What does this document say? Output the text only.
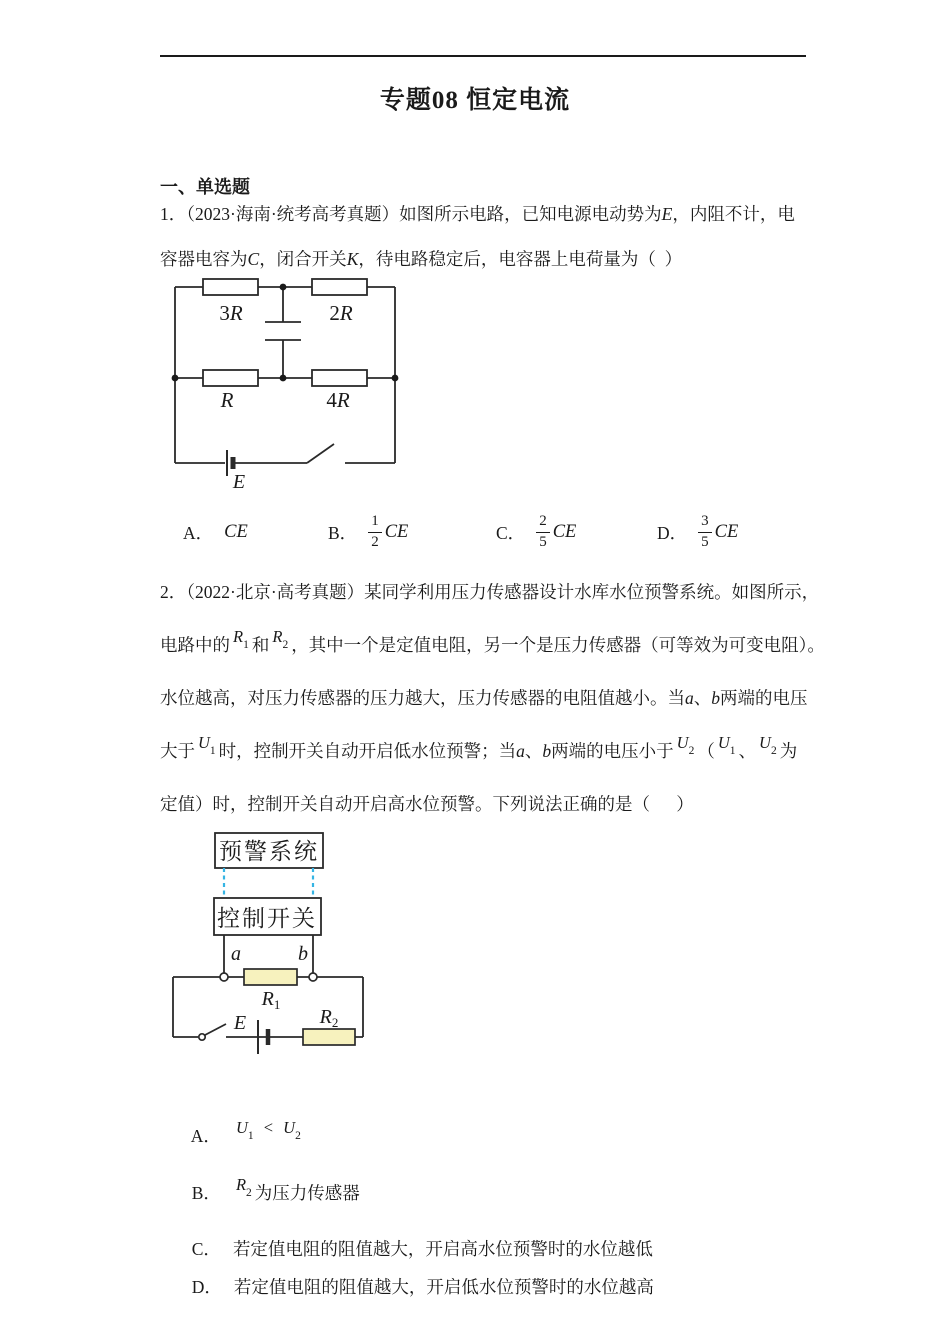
专题08 恒定电流
一、单选题
1．（2023·海南·统考高考真题）如图所示电路，已知电源电动势为E，内阻不计，电
容器电容为C，闭合开关K，待电路稳定后，电容器上电荷量为（  ）
3R	2R
R	4R
E
A． CE	B． $\frac{1}{2}$ CE	C． $\frac{2}{5}$ CE	D． $\frac{3}{5}$ CE
2．（2022·北京·高考真题）某同学利用压力传感器设计水库水位预警系统。如图所示，
电路中的 $R_1$ 和 $R_2$ ，其中一个是定值电阻，另一个是压力传感器（可等效为可变电阻）。
水位越高，对压力传感器的压力越大，压力传感器的电阻值越小。当a、b两端的电压
大于 $U_1$ 时，控制开关自动开启低水位预警；当a、b两端的电压小于 $U_2$ （ $U_1$ 、 $U_2$ 为
定值）时，控制开关自动开启高水位预警。下列说法正确的是（      ）
预警系统
控制开关
a	b
$R_1$
E	$R_2$

A． $U_1 < U_2$

B． $R_2$ 为压力传感器

C． 若定值电阻的阻值越大，开启高水位预警时的水位越低

D． 若定值电阻的阻值越大，开启低水位预警时的水位越高
